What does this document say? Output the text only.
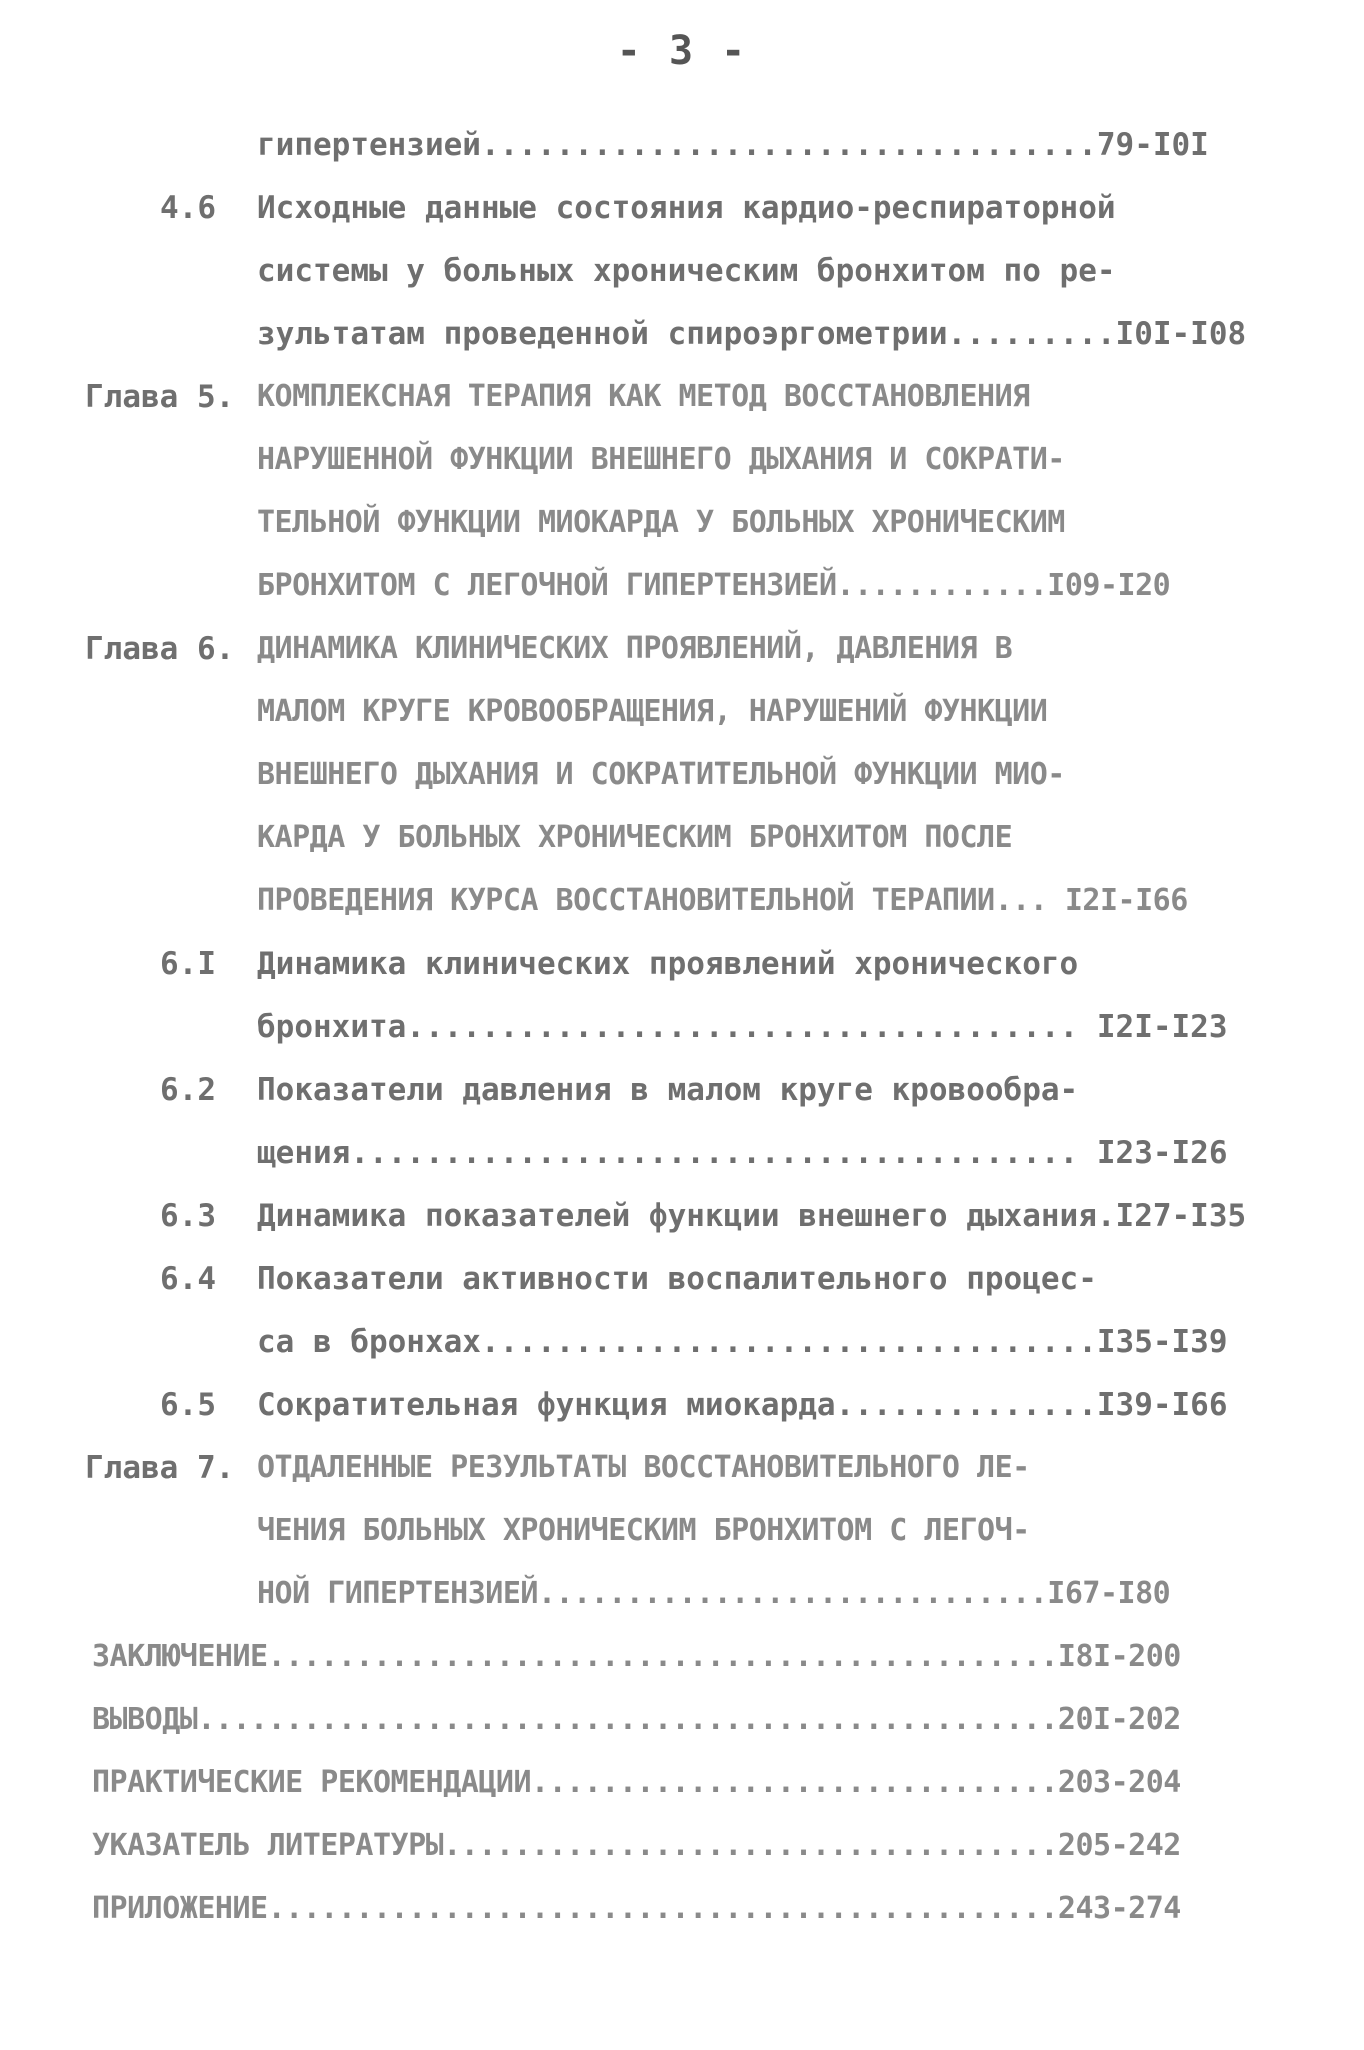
- 3 -
гипертензией.................................79-I0I
4.6 Исходные данные состояния кардио-респираторной
системы у больных хроническим бронхитом по ре-
зультатам проведенной спироэргометрии.........I0I-I08
Глава 5. КОМПЛЕКСНАЯ ТЕРАПИЯ КАК МЕТОД ВОССТАНОВЛЕНИЯ
НАРУШЕННОЙ ФУНКЦИИ ВНЕШНЕГО ДЫХАНИЯ И СОКРАТИ-
ТЕЛЬНОЙ ФУНКЦИИ МИОКАРДА У БОЛЬНЫХ ХРОНИЧЕСКИМ
БРОНХИТОМ С ЛЕГОЧНОЙ ГИПЕРТЕНЗИЕЙ............I09-I20
Глава 6. ДИНАМИКА КЛИНИЧЕСКИХ ПРОЯВЛЕНИЙ, ДАВЛЕНИЯ В
МАЛОМ КРУГЕ КРОВООБРАЩЕНИЯ, НАРУШЕНИЙ ФУНКЦИИ
ВНЕШНЕГО ДЫХАНИЯ И СОКРАТИТЕЛЬНОЙ ФУНКЦИИ МИО-
КАРДА У БОЛЬНЫХ ХРОНИЧЕСКИМ БРОНХИТОМ ПОСЛЕ
ПРОВЕДЕНИЯ КУРСА ВОССТАНОВИТЕЛЬНОЙ ТЕРАПИИ... I2I-I66
6.I Динамика клинических проявлений хронического
бронхита.................................... I2I-I23
6.2 Показатели давления в малом круге кровообра-
щения....................................... I23-I26
6.3 Динамика показателей функции внешнего дыхания.I27-I35
6.4 Показатели активности воспалительного процес-
са в бронхах.................................I35-I39
6.5 Сократительная функция миокарда..............I39-I66
Глава 7. ОТДАЛЕННЫЕ РЕЗУЛЬТАТЫ ВОССТАНОВИТЕЛЬНОГО ЛЕ-
ЧЕНИЯ БОЛЬНЫХ ХРОНИЧЕСКИМ БРОНХИТОМ С ЛЕГОЧ-
НОЙ ГИПЕРТЕНЗИЕЙ.............................I67-I80
ЗАКЛЮЧЕНИЕ.............................................I8I-200
ВЫВОДЫ.................................................20I-202
ПРАКТИЧЕСКИЕ РЕКОМЕНДАЦИИ..............................203-204
УКАЗАТЕЛЬ ЛИТЕРАТУРЫ...................................205-242
ПРИЛОЖЕНИЕ.............................................243-274
